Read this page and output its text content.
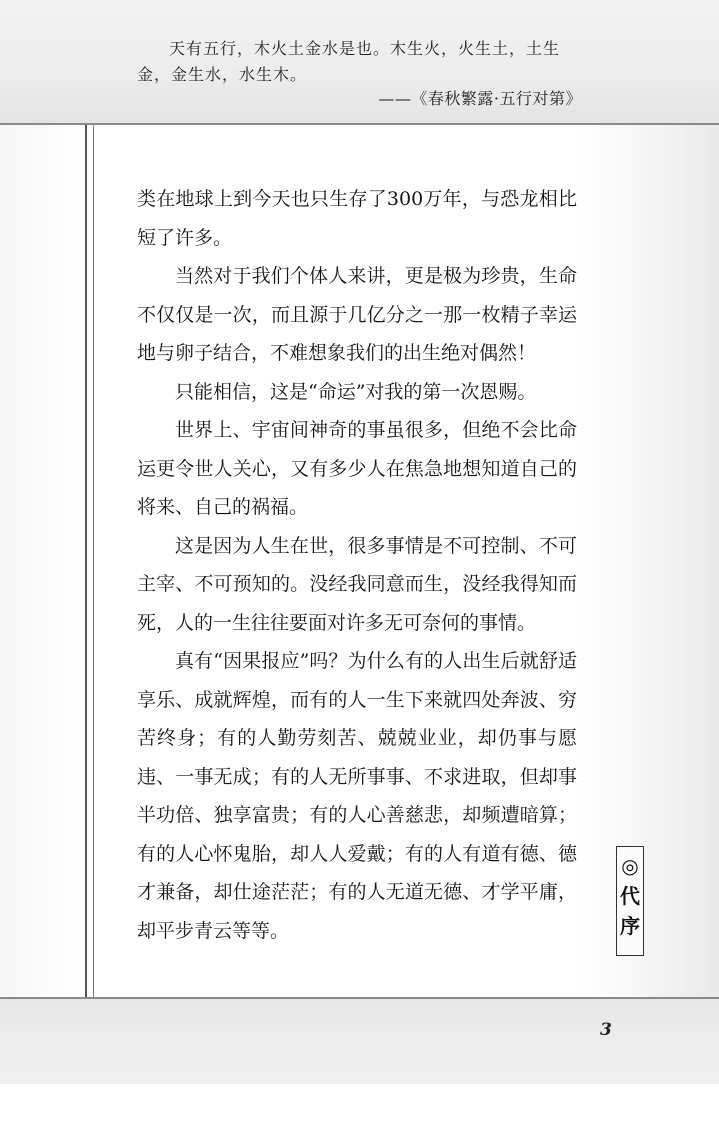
天有五行，木火土金水是也。木生火，火生土，土生金，金生水，水生木。

——《春秋繁露·五行对第》

类在地球上到今天也只生存了300万年，与恐龙相比短了许多。

当然对于我们个体人来讲，更是极为珍贵，生命不仅仅是一次，而且源于几亿分之一那一枚精子幸运地与卵子结合，不难想象我们的出生绝对偶然！

只能相信，这是“命运”对我的第一次恩赐。

世界上、宇宙间神奇的事虽很多，但绝不会比命运更令世人关心，又有多少人在焦急地想知道自己的将来、自己的祸福。

这是因为人生在世，很多事情是不可控制、不可主宰、不可预知的。没经我同意而生，没经我得知而死，人的一生往往要面对许多无可奈何的事情。

真有“因果报应”吗？为什么有的人出生后就舒适享乐、成就辉煌，而有的人一生下来就四处奔波、穷苦终身；有的人勤劳刻苦、兢兢业业，却仍事与愿违、一事无成；有的人无所事事、不求进取，但却事半功倍、独享富贵；有的人心善慈悲，却频遭暗算；有的人心怀鬼胎，却人人爱戴；有的人有道有德、德才兼备，却仕途茫茫；有的人无道无德、才学平庸，却平步青云等等。

◎
代
序
3
